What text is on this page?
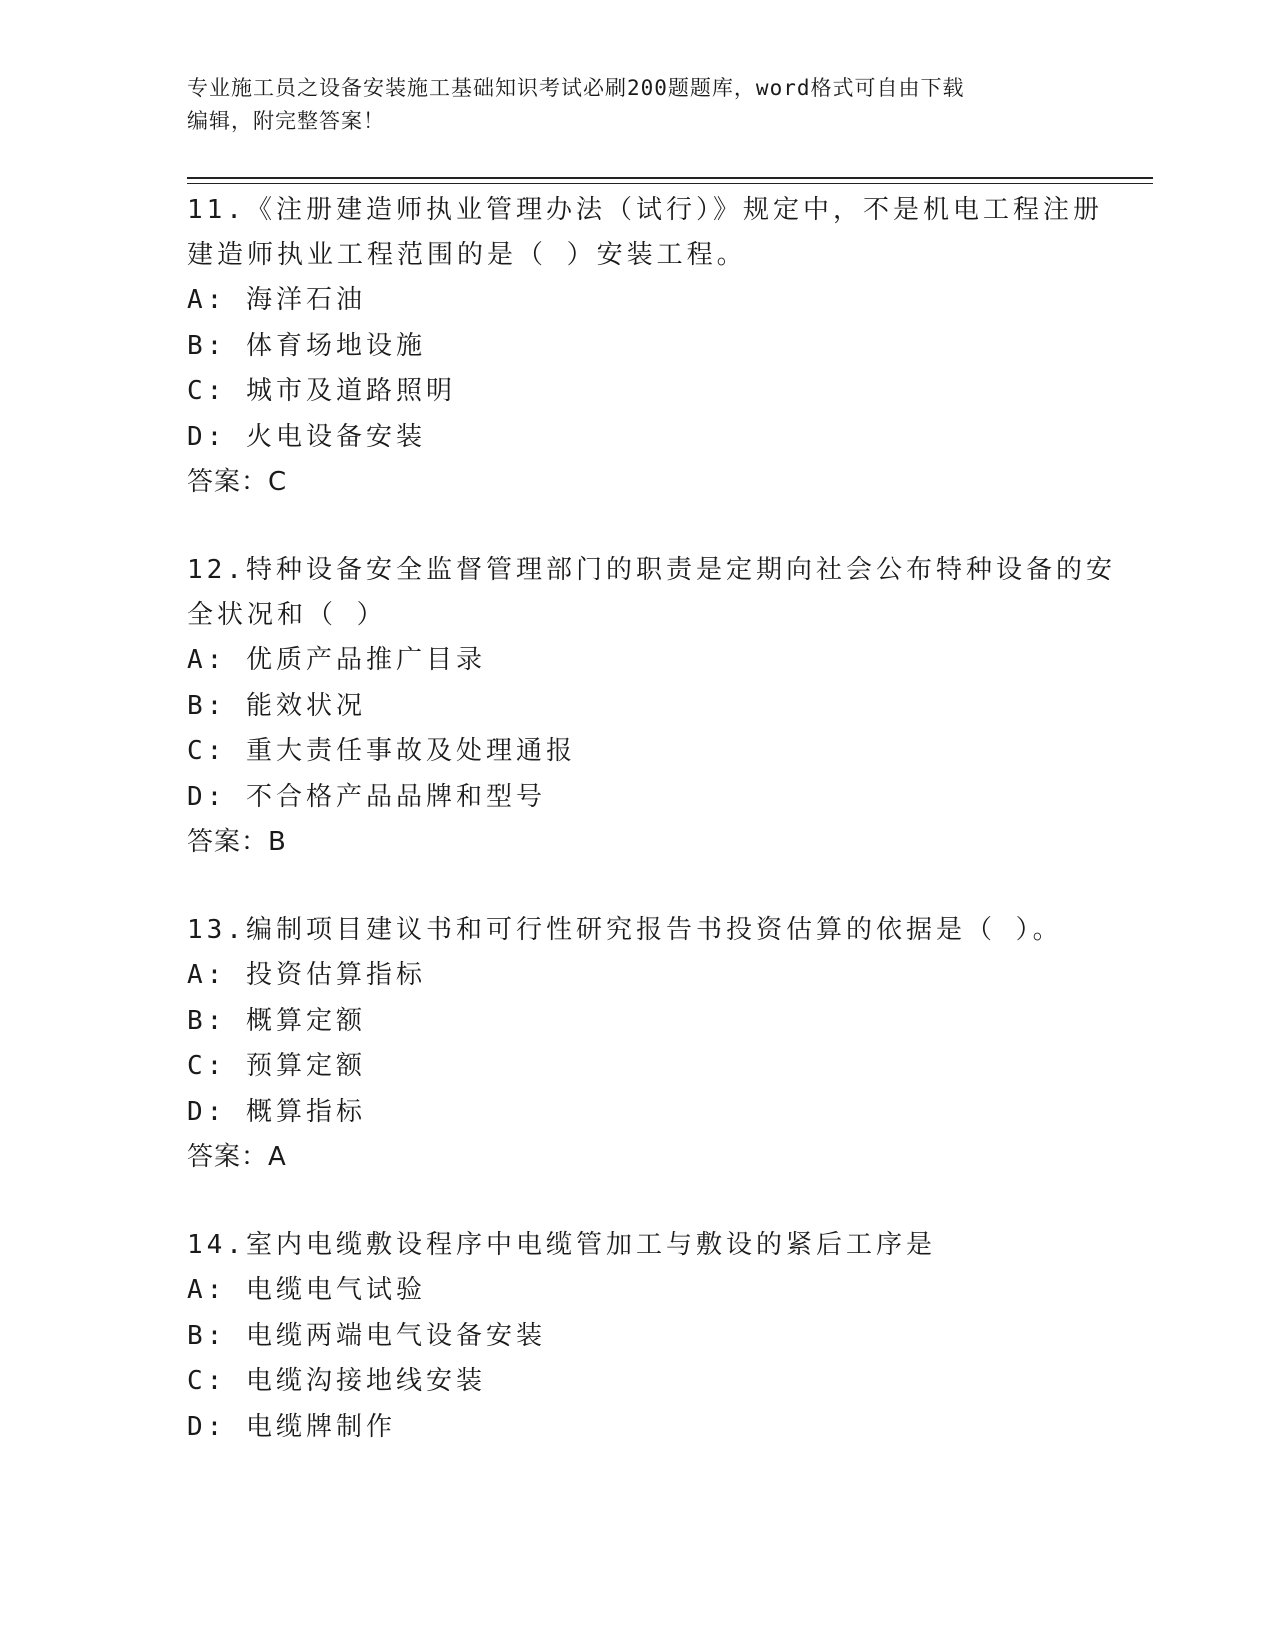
专业施工员之设备安装施工基础知识考试必刷200题题库，word格式可自由下载
编辑，附完整答案！
11.《注册建造师执业管理办法（试行）》规定中，不是机电工程注册
建造师执业工程范围的是（ ）安装工程。
A: 海洋石油
B: 体育场地设施
C: 城市及道路照明
D: 火电设备安装
答案：C
12.特种设备安全监督管理部门的职责是定期向社会公布特种设备的安
全状况和（ ）
A: 优质产品推广目录
B: 能效状况
C: 重大责任事故及处理通报
D: 不合格产品品牌和型号
答案：B
13.编制项目建议书和可行性研究报告书投资估算的依据是（ ）。
A: 投资估算指标
B: 概算定额
C: 预算定额
D: 概算指标
答案：A
14.室内电缆敷设程序中电缆管加工与敷设的紧后工序是
A: 电缆电气试验
B: 电缆两端电气设备安装
C: 电缆沟接地线安装
D: 电缆牌制作
